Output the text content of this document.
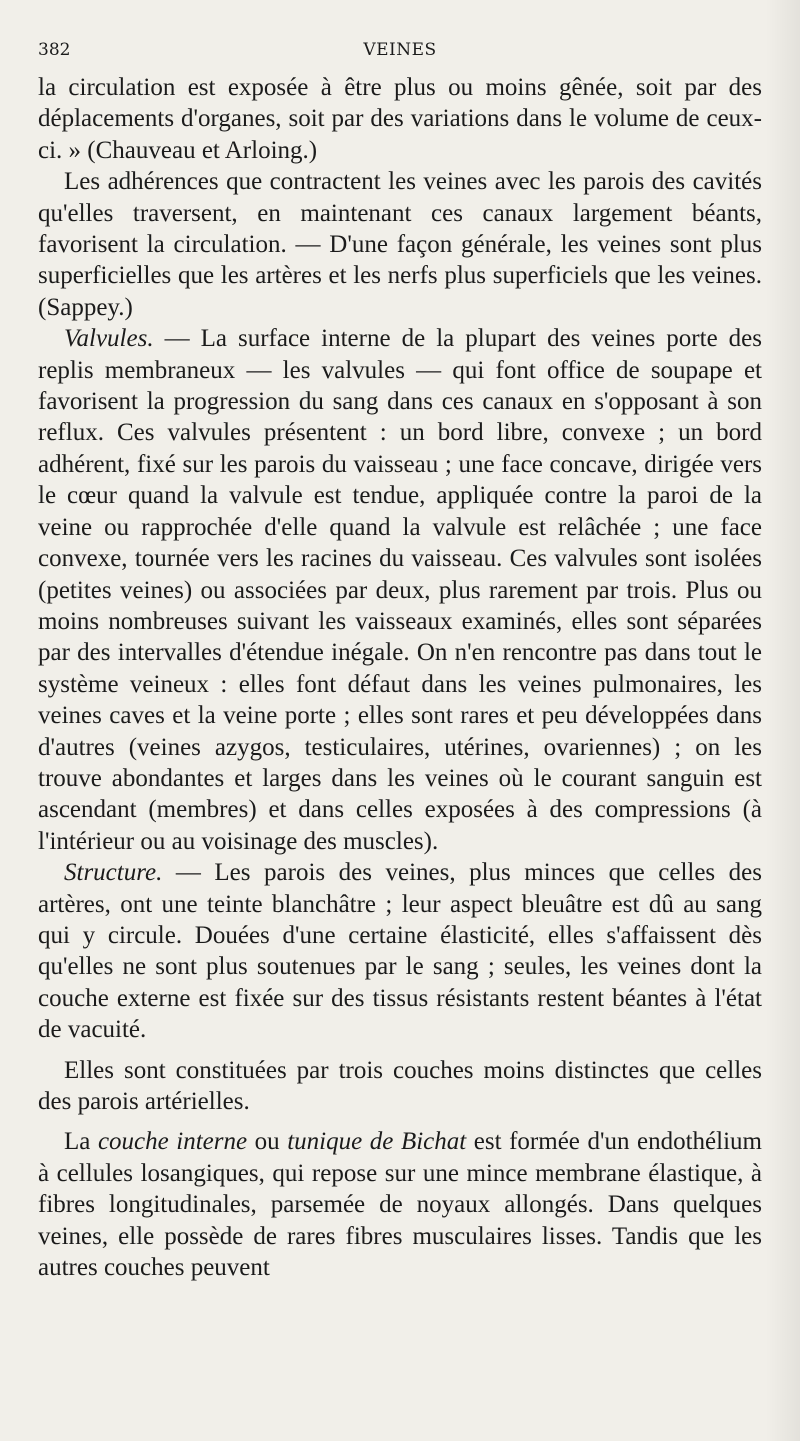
382	VEINES

la circulation est exposée à être plus ou moins gênée, soit par des déplacements d'organes, soit par des variations dans le volume de ceux-ci. » (Chauveau et Arloing.)

Les adhérences que contractent les veines avec les parois des cavités qu'elles traversent, en maintenant ces canaux largement béants, favorisent la circulation. — D'une façon générale, les veines sont plus superficielles que les artères et les nerfs plus superficiels que les veines. (Sappey.)

Valvules. — La surface interne de la plupart des veines porte des replis membraneux — les valvules — qui font office de soupape et favorisent la progression du sang dans ces canaux en s'opposant à son reflux. Ces valvules présentent : un bord libre, convexe ; un bord adhérent, fixé sur les parois du vaisseau ; une face concave, dirigée vers le cœur quand la valvule est tendue, appliquée contre la paroi de la veine ou rapprochée d'elle quand la valvule est relâchée ; une face convexe, tournée vers les racines du vaisseau. Ces valvules sont isolées (petites veines) ou associées par deux, plus rarement par trois. Plus ou moins nombreuses suivant les vaisseaux examinés, elles sont séparées par des intervalles d'étendue inégale. On n'en rencontre pas dans tout le système veineux : elles font défaut dans les veines pulmonaires, les veines caves et la veine porte ; elles sont rares et peu développées dans d'autres (veines azygos, testiculaires, utérines, ovariennes) ; on les trouve abondantes et larges dans les veines où le courant sanguin est ascendant (membres) et dans celles exposées à des compressions (à l'intérieur ou au voisinage des muscles).

Structure. — Les parois des veines, plus minces que celles des artères, ont une teinte blanchâtre ; leur aspect bleuâtre est dû au sang qui y circule. Douées d'une certaine élasticité, elles s'affaissent dès qu'elles ne sont plus soutenues par le sang ; seules, les veines dont la couche externe est fixée sur des tissus résistants restent béantes à l'état de vacuité.

Elles sont constituées par trois couches moins distinctes que celles des parois artérielles.

La couche interne ou tunique de Bichat est formée d'un endothélium à cellules losangiques, qui repose sur une mince membrane élastique, à fibres longitudinales, parsemée de noyaux allongés. Dans quelques veines, elle possède de rares fibres musculaires lisses. Tandis que les autres couches peuvent
